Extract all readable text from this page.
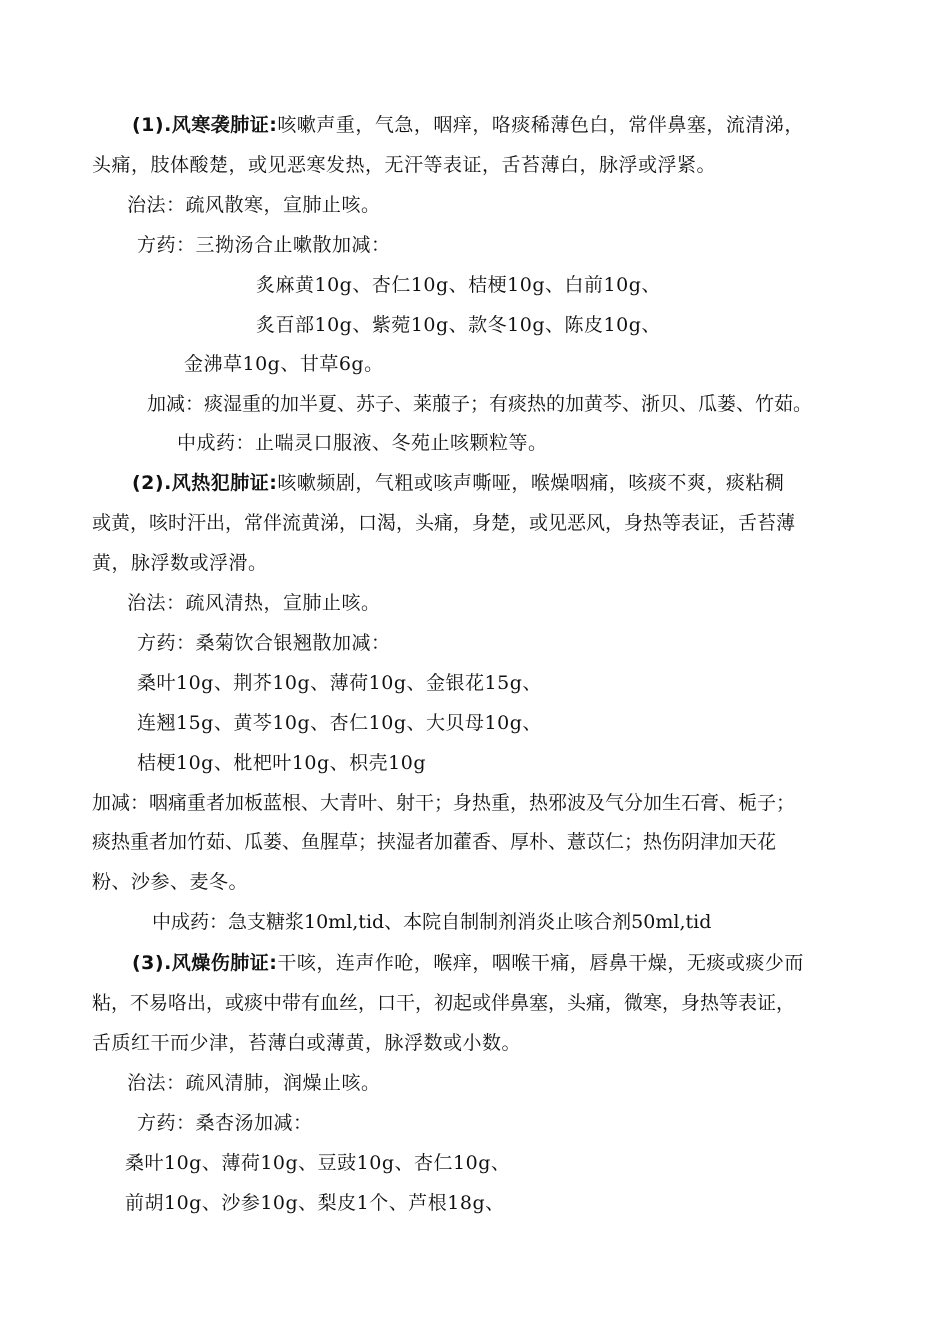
(1).风寒袭肺证:咳嗽声重，气急，咽痒，咯痰稀薄色白，常伴鼻塞，流清涕，
头痛，肢体酸楚，或见恶寒发热，无汗等表证，舌苔薄白，脉浮或浮紧。
治法：疏风散寒，宣肺止咳。
方药：三拗汤合止嗽散加减：
炙麻黄10g、杏仁10g、桔梗10g、白前10g、
炙百部10g、紫菀10g、款冬10g、陈皮10g、
金沸草10g、甘草6g。
加减：痰湿重的加半夏、苏子、莱菔子；有痰热的加黄芩、浙贝、瓜蒌、竹茹。
中成药：止喘灵口服液、冬苑止咳颗粒等。
(2).风热犯肺证:咳嗽频剧，气粗或咳声嘶哑，喉燥咽痛，咳痰不爽，痰粘稠
或黄，咳时汗出，常伴流黄涕，口渴，头痛，身楚，或见恶风，身热等表证，舌苔薄
黄，脉浮数或浮滑。
治法：疏风清热，宣肺止咳。
方药：桑菊饮合银翘散加减：
桑叶10g、荆芥10g、薄荷10g、金银花15g、
连翘15g、黄芩10g、杏仁10g、大贝母10g、
桔梗10g、枇杷叶10g、枳壳10g
加减：咽痛重者加板蓝根、大青叶、射干；身热重，热邪波及气分加生石膏、栀子；
痰热重者加竹茹、瓜蒌、鱼腥草；挟湿者加藿香、厚朴、薏苡仁；热伤阴津加天花
粉、沙参、麦冬。
中成药：急支糖浆10ml,tid、本院自制制剂消炎止咳合剂50ml,tid
(3).风燥伤肺证:干咳，连声作呛，喉痒，咽喉干痛，唇鼻干燥，无痰或痰少而
粘，不易咯出，或痰中带有血丝，口干，初起或伴鼻塞，头痛，微寒，身热等表证，
舌质红干而少津，苔薄白或薄黄，脉浮数或小数。
治法：疏风清肺，润燥止咳。
方药：桑杏汤加减：
桑叶10g、薄荷10g、豆豉10g、杏仁10g、
前胡10g、沙参10g、梨皮1个、芦根18g、
